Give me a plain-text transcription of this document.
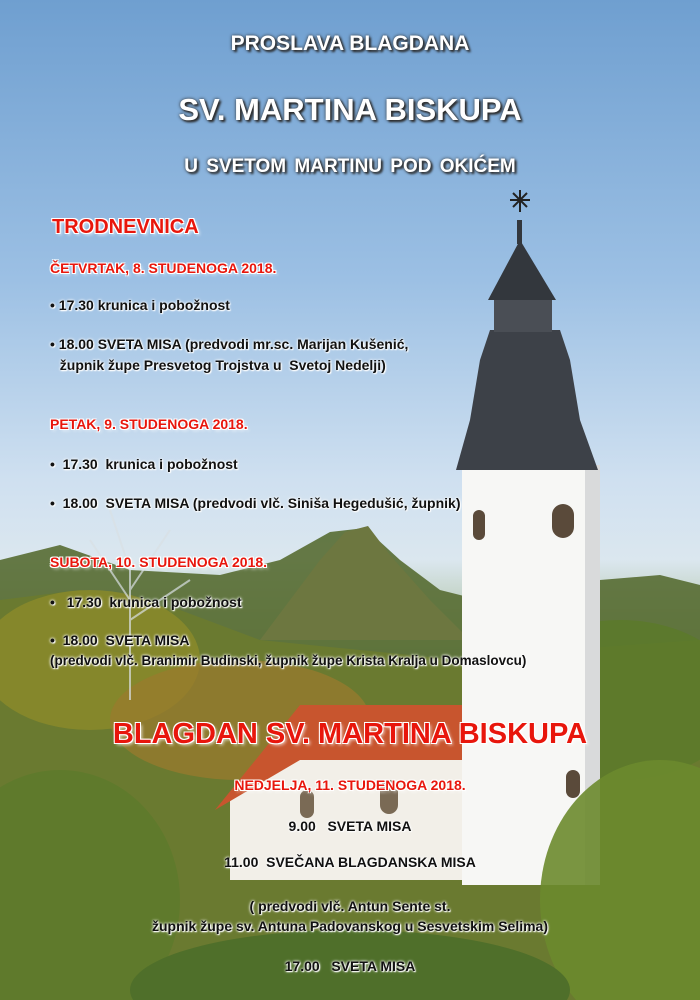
PROSLAVA BLAGDANA

SV. MARTINA BISKUPA

U SVETOM MARTINU POD OKIĆEM

TRODNEVNICA

ČETVRTAK, 8. STUDENOGA 2018.

• 17.30 krunica i pobožnost

• 18.00 SVETA MISA (predvodi mr.sc. Marijan Kušenić,

župnik župe Presvetog Trojstva u  Svetoj Nedelji)

PETAK, 9. STUDENOGA 2018.

•  17.30  krunica i pobožnost

•  18.00  SVETA MISA (predvodi vlč. Siniša Hegedušić, župnik)

SUBOTA, 10. STUDENOGA 2018.

•   17.30  krunica i pobožnost

•  18.00  SVETA MISA

(predvodi vlč. Branimir Budinski, župnik župe Krista Kralja u Domaslovcu)

BLAGDAN SV. MARTINA BISKUPA

NEDJELJA, 11. STUDENOGA 2018.

9.00   SVETA MISA

11.00  SVEČANA BLAGDANSKA MISA

( predvodi vlč. Antun Sente st.

župnik župe sv. Antuna Padovanskog u Sesvetskim Selima)

17.00   SVETA MISA
